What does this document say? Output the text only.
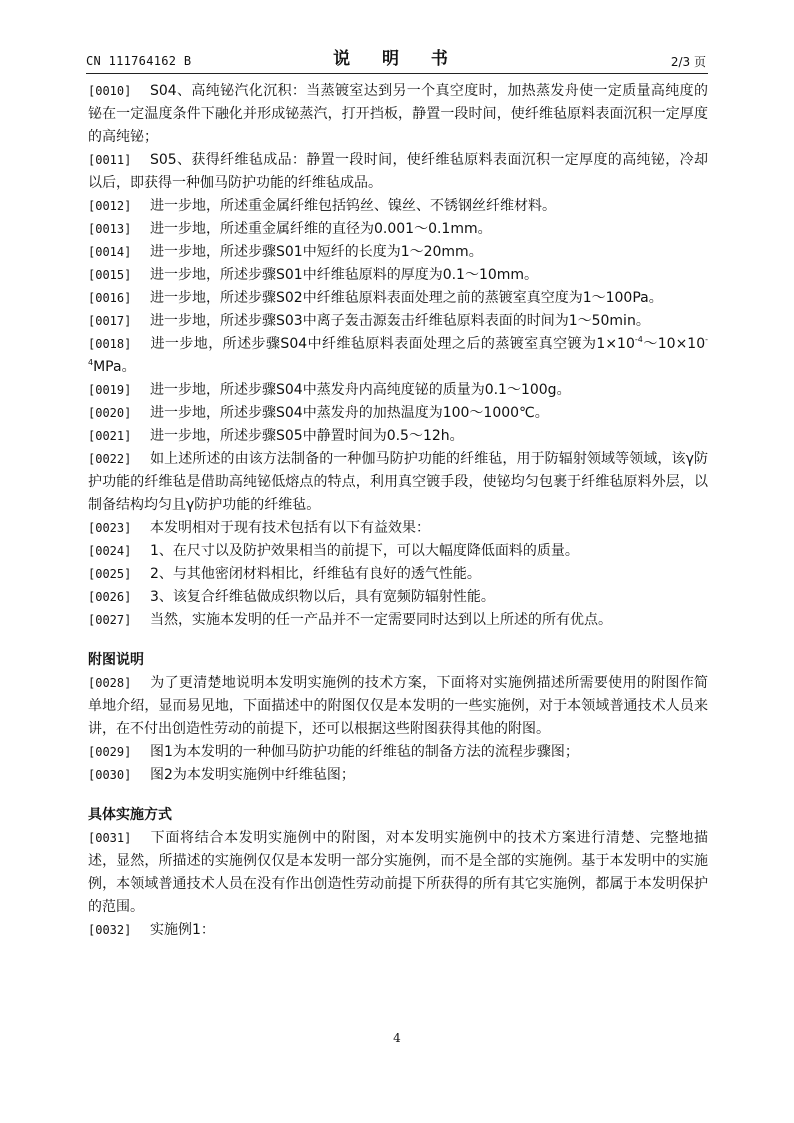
CN 111764162 B	说 明 书	2/3 页

[0010] S04、高纯铋汽化沉积：当蒸镀室达到另一个真空度时，加热蒸发舟使一定质量高纯度的铋在一定温度条件下融化并形成铋蒸汽，打开挡板，静置一段时间，使纤维毡原料表面沉积一定厚度的高纯铋；

[0011] S05、获得纤维毡成品：静置一段时间，使纤维毡原料表面沉积一定厚度的高纯铋，冷却以后，即获得一种伽马防护功能的纤维毡成品。

[0012] 进一步地，所述重金属纤维包括钨丝、镍丝、不锈钢丝纤维材料。

[0013] 进一步地，所述重金属纤维的直径为0.001～0.1mm。

[0014] 进一步地，所述步骤S01中短纤的长度为1～20mm。

[0015] 进一步地，所述步骤S01中纤维毡原料的厚度为0.1～10mm。

[0016] 进一步地，所述步骤S02中纤维毡原料表面处理之前的蒸镀室真空度为1～100Pa。

[0017] 进一步地，所述步骤S03中离子轰击源轰击纤维毡原料表面的时间为1～50min。

[0018] 进一步地，所述步骤S04中纤维毡原料表面处理之后的蒸镀室真空镀为$1\times 10^{-4}\sim 10\times 10^{-4}MPa$。

[0019] 进一步地，所述步骤S04中蒸发舟内高纯度铋的质量为0.1～100g。

[0020] 进一步地，所述步骤S04中蒸发舟的加热温度为100～1000℃。

[0021] 进一步地，所述步骤S05中静置时间为0.5～12h。

[0022] 如上述所述的由该方法制备的一种伽马防护功能的纤维毡，用于防辐射领域等领域，该γ防护功能的纤维毡是借助高纯铋低熔点的特点，利用真空镀手段，使铋均匀包裹于纤维毡原料外层，以制备结构均匀且γ防护功能的纤维毡。

[0023] 本发明相对于现有技术包括有以下有益效果：

[0024] 1、在尺寸以及防护效果相当的前提下，可以大幅度降低面料的质量。

[0025] 2、与其他密闭材料相比，纤维毡有良好的透气性能。

[0026] 3、该复合纤维毡做成织物以后，具有宽频防辐射性能。

[0027] 当然，实施本发明的任一产品并不一定需要同时达到以上所述的所有优点。

附图说明

[0028] 为了更清楚地说明本发明实施例的技术方案，下面将对实施例描述所需要使用的附图作简单地介绍，显而易见地，下面描述中的附图仅仅是本发明的一些实施例，对于本领域普通技术人员来讲，在不付出创造性劳动的前提下，还可以根据这些附图获得其他的附图。

[0029] 图1为本发明的一种伽马防护功能的纤维毡的制备方法的流程步骤图；

[0030] 图2为本发明实施例中纤维毡图；

具体实施方式

[0031] 下面将结合本发明实施例中的附图，对本发明实施例中的技术方案进行清楚、完整地描述，显然，所描述的实施例仅仅是本发明一部分实施例，而不是全部的实施例。基于本发明中的实施例，本领域普通技术人员在没有作出创造性劳动前提下所获得的所有其它实施例，都属于本发明保护的范围。

[0032] 实施例1：

4
